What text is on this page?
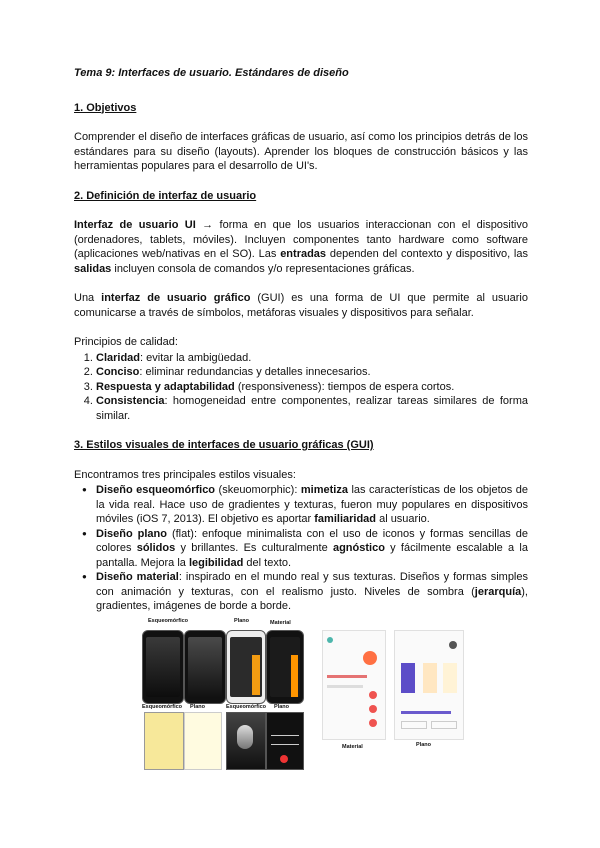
Tema 9: Interfaces de usuario. Estándares de diseño
1. Objetivos

Comprender el diseño de interfaces gráficas de usuario, así como los principios detrás de los estándares para su diseño (layouts). Aprender los bloques de construcción básicos y las herramientas populares para el desarrollo de UI's.

2. Definición de interfaz de usuario

Interfaz de usuario UI → forma en que los usuarios interaccionan con el dispositivo (ordenadores, tablets, móviles). Incluyen componentes tanto hardware como software (aplicaciones web/nativas en el SO). Las entradas dependen del contexto y dispositivo, las salidas incluyen consola de comandos y/o representaciones gráficas.

Una interfaz de usuario gráfico (GUI) es una forma de UI que permite al usuario comunicarse a través de símbolos, metáforas visuales y dispositivos para señalar.

Principios de calidad:
1. Claridad: evitar la ambigüedad.
2. Conciso: eliminar redundancias y detalles innecesarios.
3. Respuesta y adaptabilidad (responsiveness): tiempos de espera cortos.
4. Consistencia: homogeneidad entre componentes, realizar tareas similares de forma similar.
3. Estilos visuales de interfaces de usuario gráficas (GUI)
Encontramos tres principales estilos visuales:
● Diseño esqueomórfico (skeuomorphic): mimetiza las características de los objetos de la vida real. Hace uso de gradientes y texturas, fueron muy populares en dispositivos móviles (iOS 7, 2013). El objetivo es aportar familiaridad al usuario.
● Diseño plano (flat): enfoque minimalista con el uso de iconos y formas sencillas de colores sólidos y brillantes. Es culturalmente agnóstico y fácilmente escalable a la pantalla. Mejora la legibilidad del texto.
● Diseño material: inspirado en el mundo real y sus texturas. Diseños y formas simples con animación y texturas, con el realismo justo. Niveles de sombra (jerarquía), gradientes, imágenes de borde a borde.
Esqueomórfico	Plano	Material
Esqueomórfico Plano	Esqueomórfico Plano
Material	Plano
